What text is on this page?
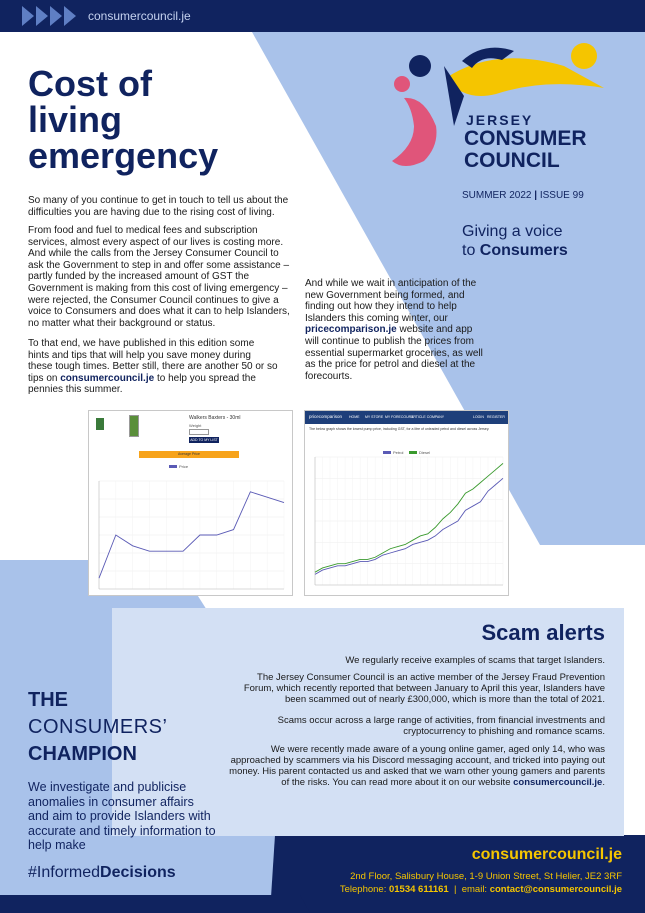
consumercouncil.je
Cost of
living
emergency

So many of you continue to get in touch to tell us about the difficulties you are having due to the rising cost of living.

From food and fuel to medical fees and subscription services, almost every aspect of our lives is costing more. And while the calls from the Jersey Consumer Council to ask the Government to step in and offer some assistance – partly funded by the increased amount of GST the Government is making from this cost of living emergency – were rejected, the Consumer Council continues to give a voice to Consumers and does what it can to help Islanders, no matter what their background or status.

To that end, we have published in this edition some hints and tips that will help you save money during these tough times. Better still, there are another 50 or so tips on consumercouncil.je to help you spread the pennies this summer.

And while we wait in anticipation of the new Government being formed, and finding out how they intend to help Islanders this coming winter, our pricecomparison.je website and app will continue to publish the prices from essential supermarket groceries, as well as the price for petrol and diesel at the forecourts.

JERSEY
CONSUMER
COUNCIL
SUMMER 2022 | ISSUE 99
Giving a voice
to Consumers
Walkers Baxters - 30ml
Weight
ADD TO MY LIST
Average Price
Price
pricecomparison HOME MY STORE MY FORECOURT
ARTICLE COMPANY	LOGIN REGISTER
The below graph shows the lowest pump price, including GST, for a litre of unleaded petrol and diesel across Jersey.
Petrol	Diesel
Scam alerts

We regularly receive examples of scams that target Islanders.

The Jersey Consumer Council is an active member of the Jersey Fraud Prevention Forum, which recently reported that between January to April this year, Islanders have been scammed out of nearly £300,000, which is more than the total of 2021.

Scams occur across a large range of activities, from financial investments and cryptocurrency to phishing and romance scams.

We were recently made aware of a young online gamer, aged only 14, who was approached by scammers via his Discord messaging account, and tricked into paying out money. His parent contacted us and asked that we warn other young gamers and parents of the risks. You can read more about it on our website consumercouncil.je.

THE
CONSUMERS’
CHAMPION

We investigate and publicise anomalies in consumer affairs and aim to provide Islanders with accurate and timely information to help make

#InformedDecisions
consumercouncil.je
2nd Floor, Salisbury House, 1-9 Union Street, St Helier, JE2 3RF
Telephone: 01534 611161  |  email: contact@consumercouncil.je
